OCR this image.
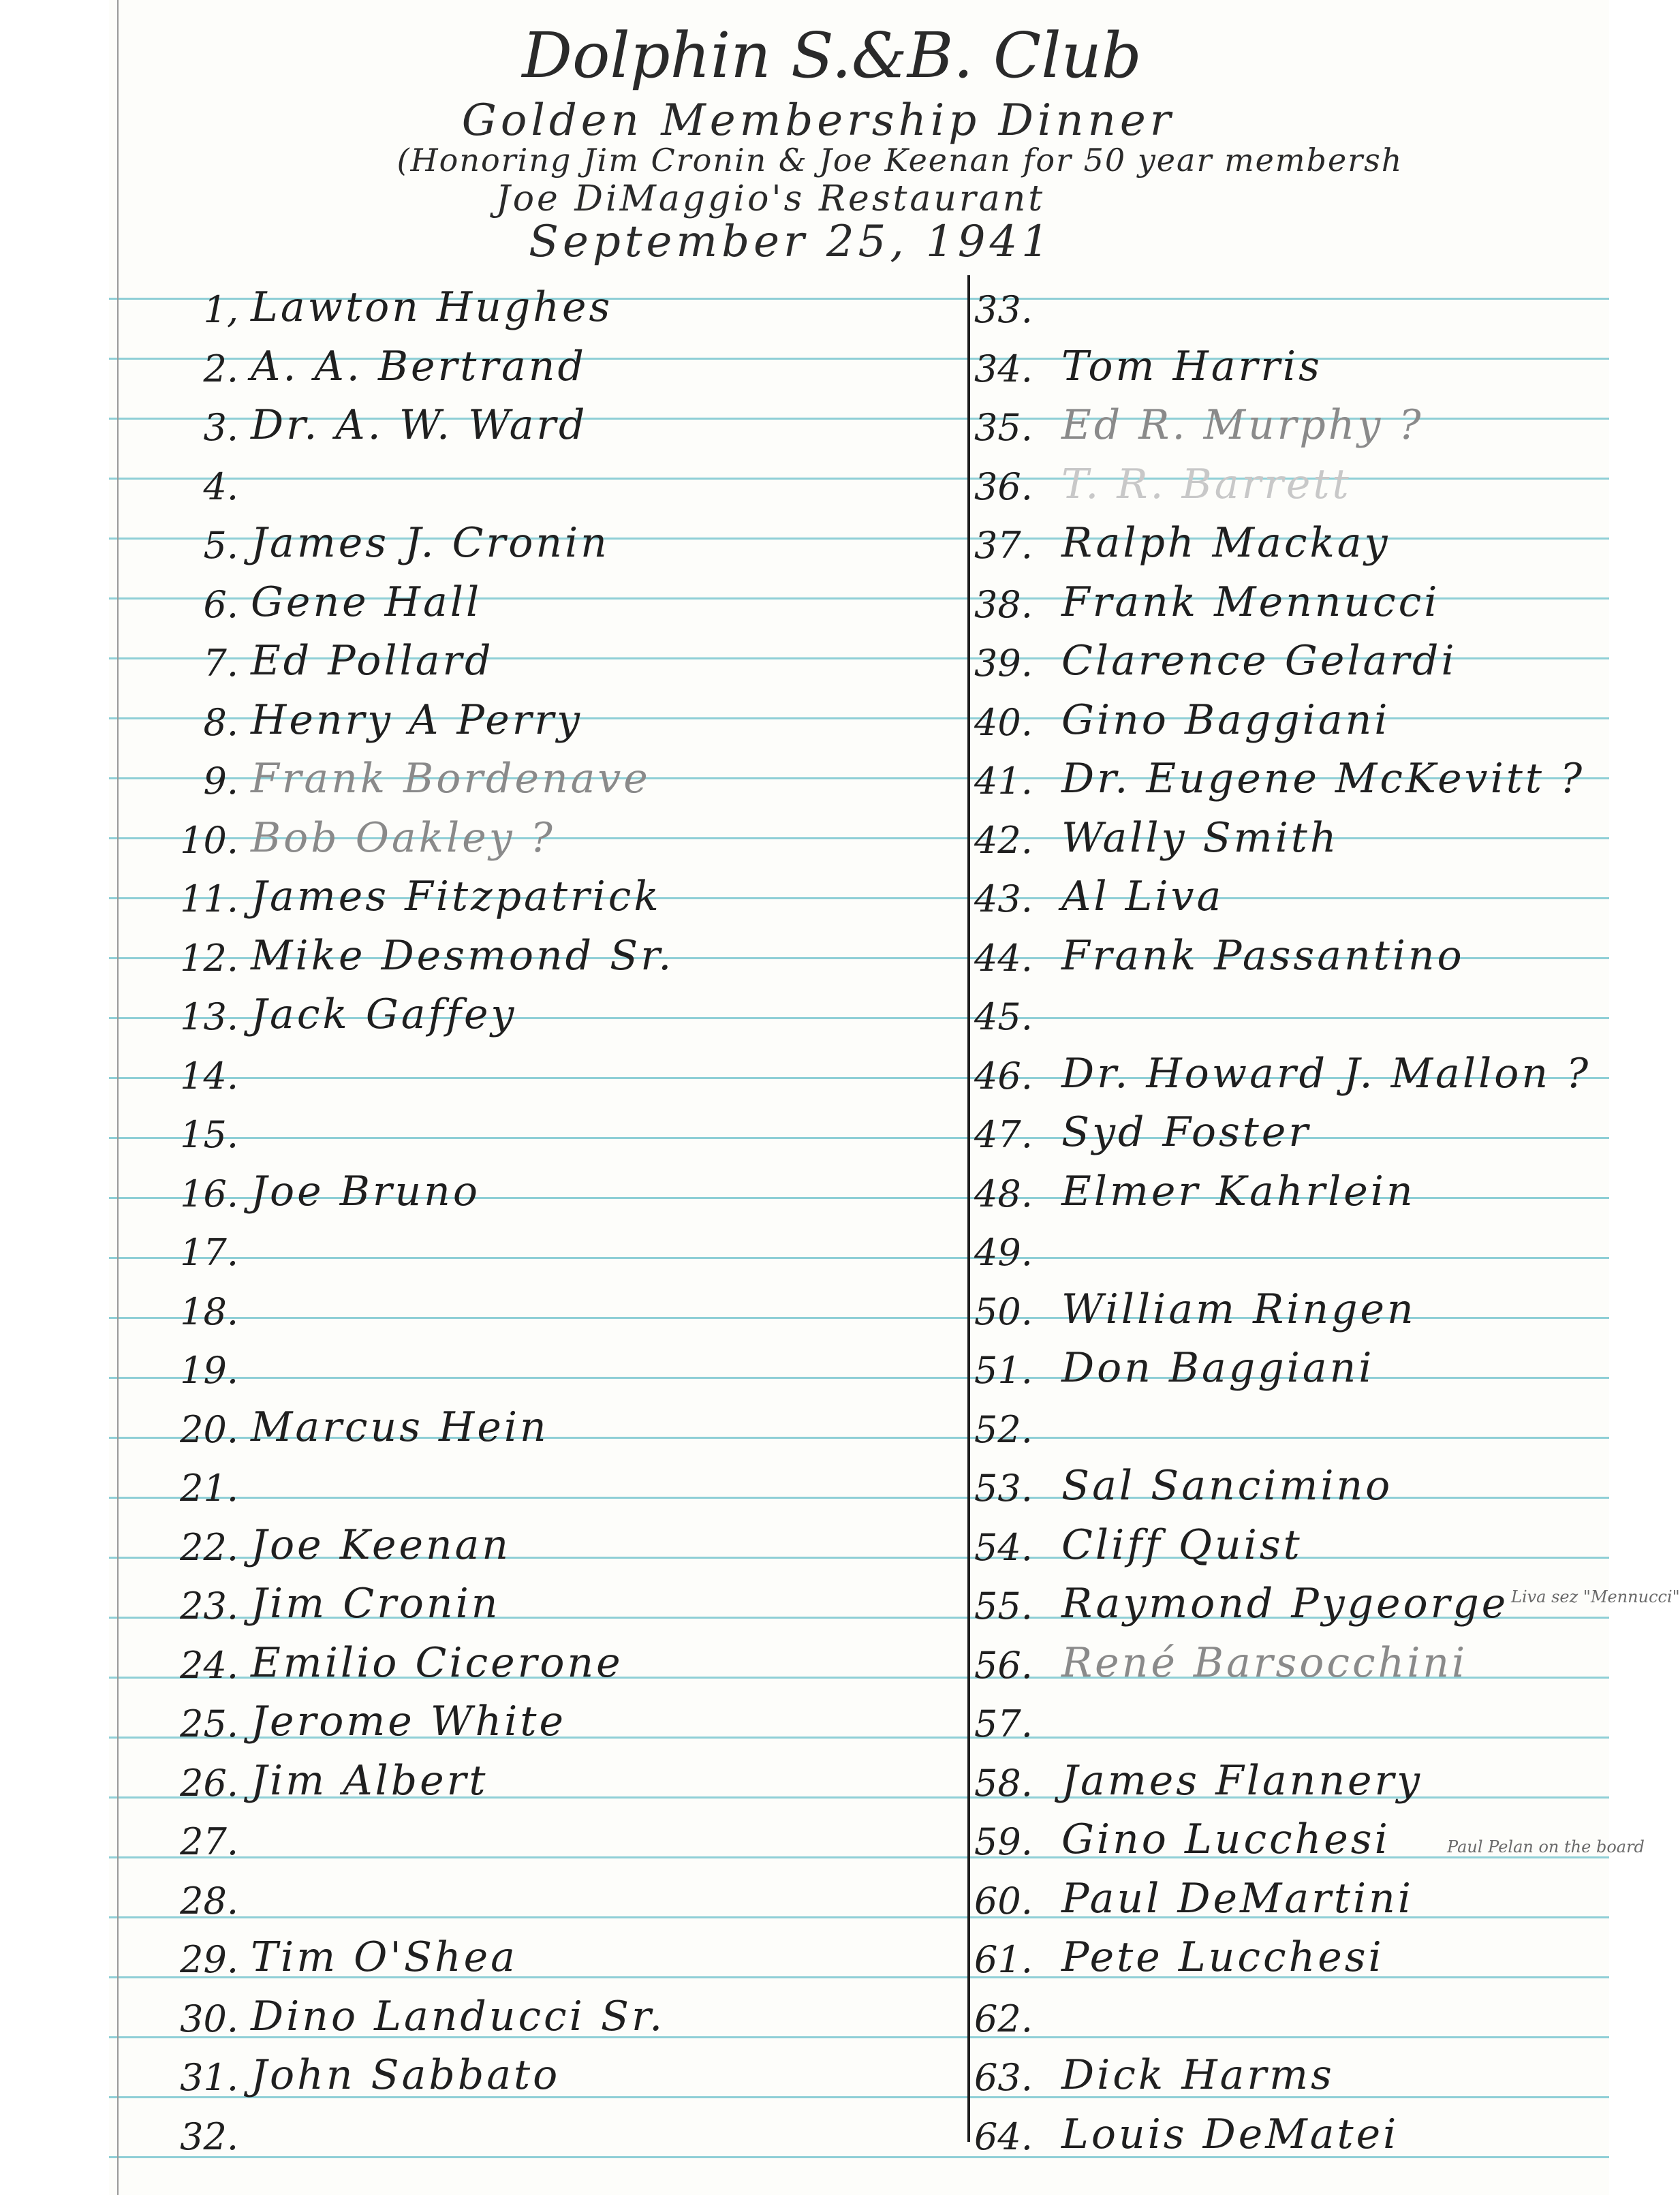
Dolphin S.&B. Club
Golden Membership Dinner
(Honoring Jim Cronin & Joe Keenan for 50 year membersh
Joe DiMaggio's Restaurant
September 25, 1941
1, Lawton Hughes
2. A. A. Bertrand
3. Dr. A. W. Ward
4.
5. James J. Cronin
6. Gene Hall
7. Ed Pollard
8. Henry A Perry
9. Frank Bordenave
10. Bob Oakley ?
11. James Fitzpatrick
12. Mike Desmond Sr.
13. Jack Gaffey
14.
15.
16. Joe Bruno
17.
18.
19.
20. Marcus Hein
21.
22. Joe Keenan
23. Jim Cronin
24. Emilio Cicerone
25. Jerome White
26. Jim Albert
27.
28.
29. Tim O'Shea
30. Dino Landucci Sr.
31. John Sabbato
32.
33.
34. Tom Harris
35. Ed R. Murphy ?
36. T. R. Barrett
37. Ralph Mackay
38. Frank Mennucci
39. Clarence Gelardi
40. Gino Baggiani
41. Dr. Eugene McKevitt ?
42. Wally Smith
43. Al Liva
44. Frank Passantino
45.
46. Dr. Howard J. Mallon ?
47. Syd Foster
48. Elmer Kahrlein
49.
50. William Ringen
51. Don Baggiani
52.
53. Sal Sancimino
54. Cliff Quist
55. Raymond Pygeorge
56. René Barsocchini
57.
58. James Flannery
59. Gino Lucchesi
60. Paul DeMartini
61. Pete Lucchesi
62.
63. Dick Harms
64. Louis DeMatei
Liva sez "Mennucci"
Paul Pelan on the board
